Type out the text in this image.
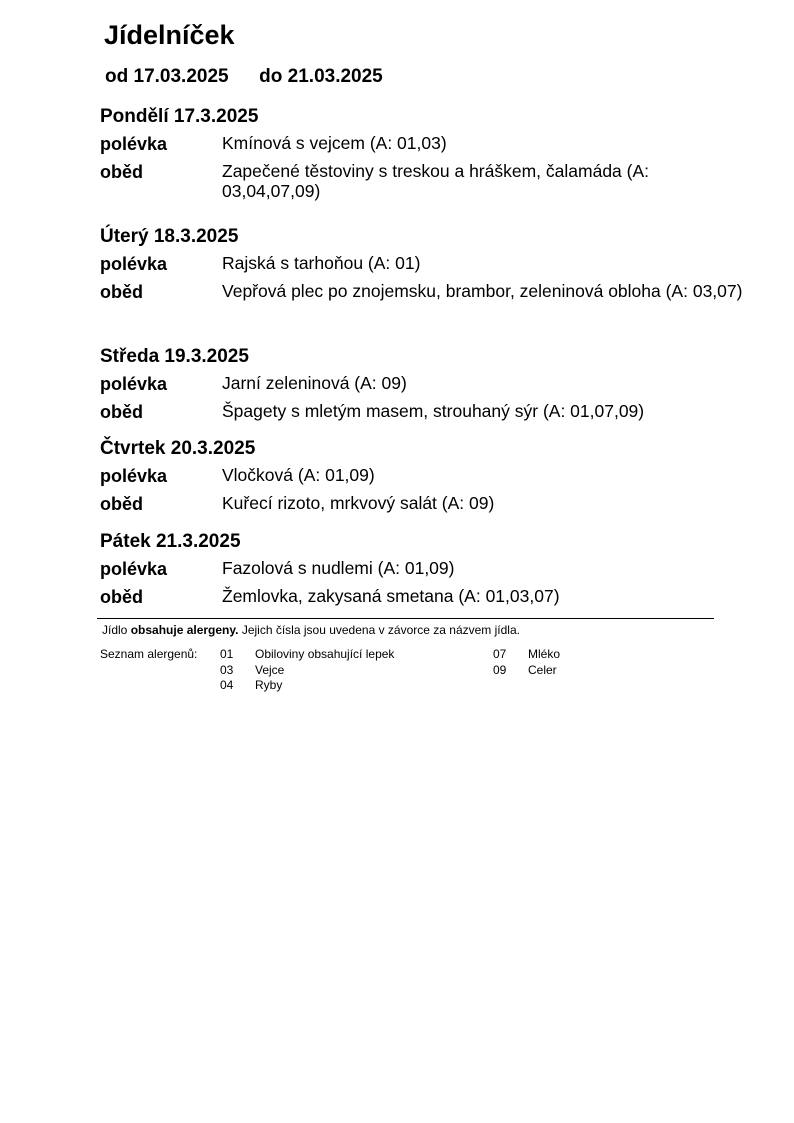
Jídelníček
od 17.03.2025 do 21.03.2025
Pondělí 17.3.2025
polévka	Kmínová s vejcem (A: 01,03)
oběd	Zapečené těstoviny s treskou a hráškem, čalamáda (A: 03,04,07,09)
Úterý 18.3.2025
polévka	Rajská s tarhoňou (A: 01)
oběd	Vepřová plec po znojemsku, brambor, zeleninová obloha (A: 03,07)
Středa 19.3.2025
polévka	Jarní zeleninová (A: 09)
oběd	Špagety s mletým masem, strouhaný sýr (A: 01,07,09)
Čtvrtek 20.3.2025
polévka	Vločková (A: 01,09)
oběd	Kuřecí rizoto, mrkvový salát (A: 09)
Pátek 21.3.2025
polévka	Fazolová s nudlemi (A: 01,09)
oběd	Žemlovka, zakysaná smetana (A: 01,03,07)
Jídlo obsahuje alergeny. Jejich čísla jsou uvedena v závorce za názvem jídla.
Seznam alergenů: 01 Obiloviny obsahující lepek
03 Vejce
04 Ryby
07 Mléko
09 Celer
